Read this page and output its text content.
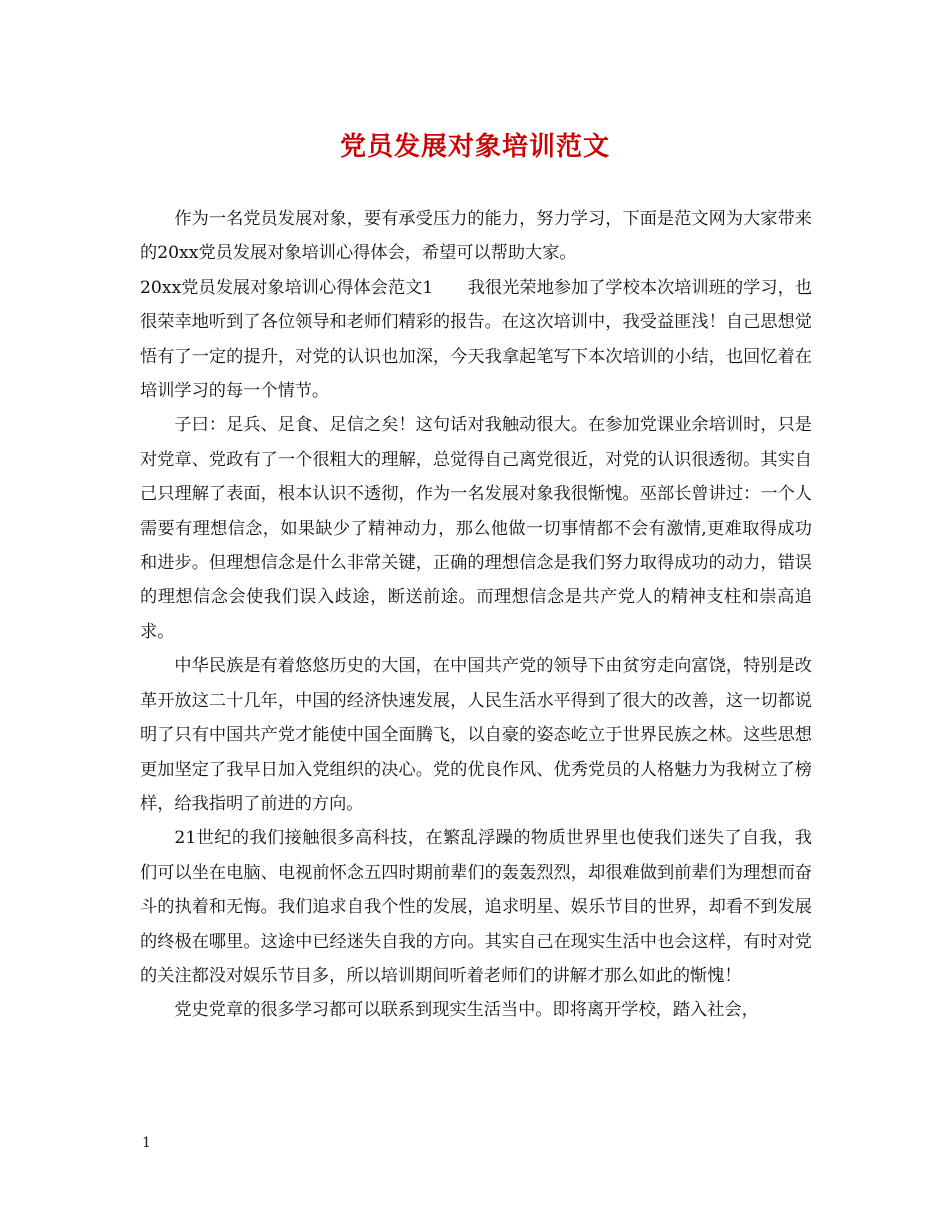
党员发展对象培训范文

作为一名党员发展对象，要有承受压力的能力，努力学习，下面是范文网为大家带来的20xx党员发展对象培训心得体会，希望可以帮助大家。

20xx党员发展对象培训心得体会范文1　　我很光荣地参加了学校本次培训班的学习，也很荣幸地听到了各位领导和老师们精彩的报告。在这次培训中，我受益匪浅！自己思想觉悟有了一定的提升，对党的认识也加深，今天我拿起笔写下本次培训的小结，也回忆着在培训学习的每一个情节。

子曰：足兵、足食、足信之矣！这句话对我触动很大。在参加党课业余培训时，只是对党章、党政有了一个很粗大的理解，总觉得自己离党很近，对党的认识很透彻。其实自己只理解了表面，根本认识不透彻，作为一名发展对象我很惭愧。巫部长曾讲过：一个人需要有理想信念，如果缺少了精神动力，那么他做一切事情都不会有激情,更难取得成功和进步。但理想信念是什么非常关键，正确的理想信念是我们努力取得成功的动力，错误的理想信念会使我们误入歧途，断送前途。而理想信念是共产党人的精神支柱和崇高追求。

中华民族是有着悠悠历史的大国，在中国共产党的领导下由贫穷走向富饶，特别是改革开放这二十几年，中国的经济快速发展，人民生活水平得到了很大的改善，这一切都说明了只有中国共产党才能使中国全面腾飞，以自豪的姿态屹立于世界民族之林。这些思想更加坚定了我早日加入党组织的决心。党的优良作风、优秀党员的人格魅力为我树立了榜样，给我指明了前进的方向。

21世纪的我们接触很多高科技，在繁乱浮躁的物质世界里也使我们迷失了自我，我们可以坐在电脑、电视前怀念五四时期前辈们的轰轰烈烈，却很难做到前辈们为理想而奋斗的执着和无悔。我们追求自我个性的发展，追求明星、娱乐节目的世界，却看不到发展的终极在哪里。这途中已经迷失自我的方向。其实自己在现实生活中也会这样，有时对党的关注都没对娱乐节目多，所以培训期间听着老师们的讲解才那么如此的惭愧！

党史党章的很多学习都可以联系到现实生活当中。即将离开学校，踏入社会，

1
